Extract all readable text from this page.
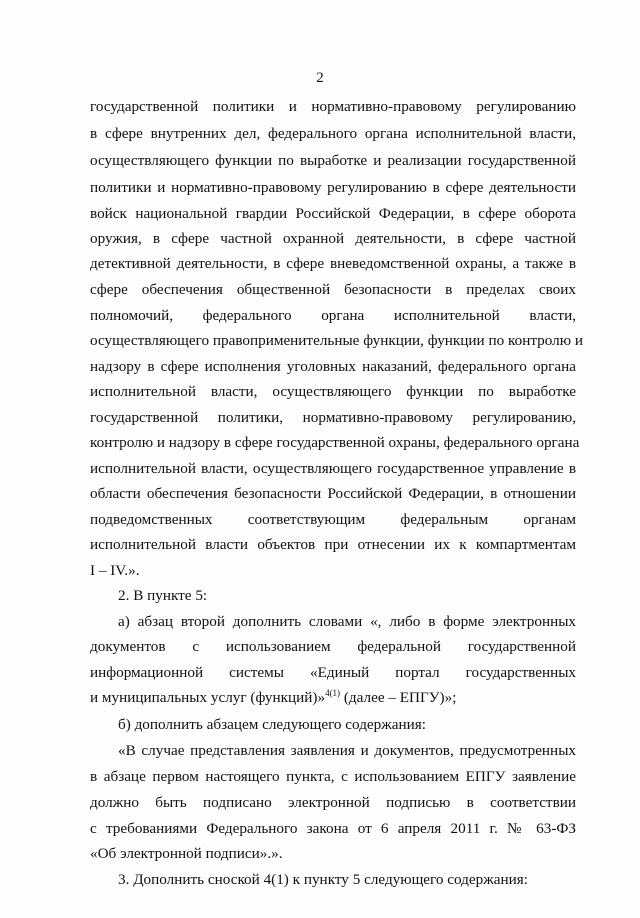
2
государственной политики и нормативно-правовому регулированию
в сфере внутренних дел, федерального органа исполнительной власти,
осуществляющего функции по выработке и реализации государственной
политики и нормативно-правовому регулированию в сфере деятельности
войск национальной гвардии Российской Федерации, в сфере оборота
оружия, в сфере частной охранной деятельности, в сфере частной
детективной деятельности, в сфере вневедомственной охраны, а также в
сфере обеспечения общественной безопасности в пределах своих
полномочий, федерального органа исполнительной власти,
осуществляющего правоприменительные функции, функции по контролю и
надзору в сфере исполнения уголовных наказаний, федерального органа
исполнительной власти, осуществляющего функции по выработке
государственной политики, нормативно-правовому регулированию,
контролю и надзору в сфере государственной охраны, федерального органа
исполнительной власти, осуществляющего государственное управление в
области обеспечения безопасности Российской Федерации, в отношении
подведомственных соответствующим федеральным органам
исполнительной власти объектов при отнесении их к компартментам
I – IV.».
2. В пункте 5:
а) абзац второй дополнить словами «, либо в форме электронных
документов с использованием федеральной государственной
информационной системы «Единый портал государственных
и муниципальных услуг (функций)»$^{4(1)}$ (далее – ЕПГУ)»;
б) дополнить абзацем следующего содержания:
«В случае представления заявления и документов, предусмотренных
в абзаце первом настоящего пункта, с использованием ЕПГУ заявление
должно быть подписано электронной подписью в соответствии
с требованиями Федерального закона от 6 апреля 2011 г. № 63-ФЗ
«Об электронной подписи».».
3. Дополнить сноской 4(1) к пункту 5 следующего содержания:
